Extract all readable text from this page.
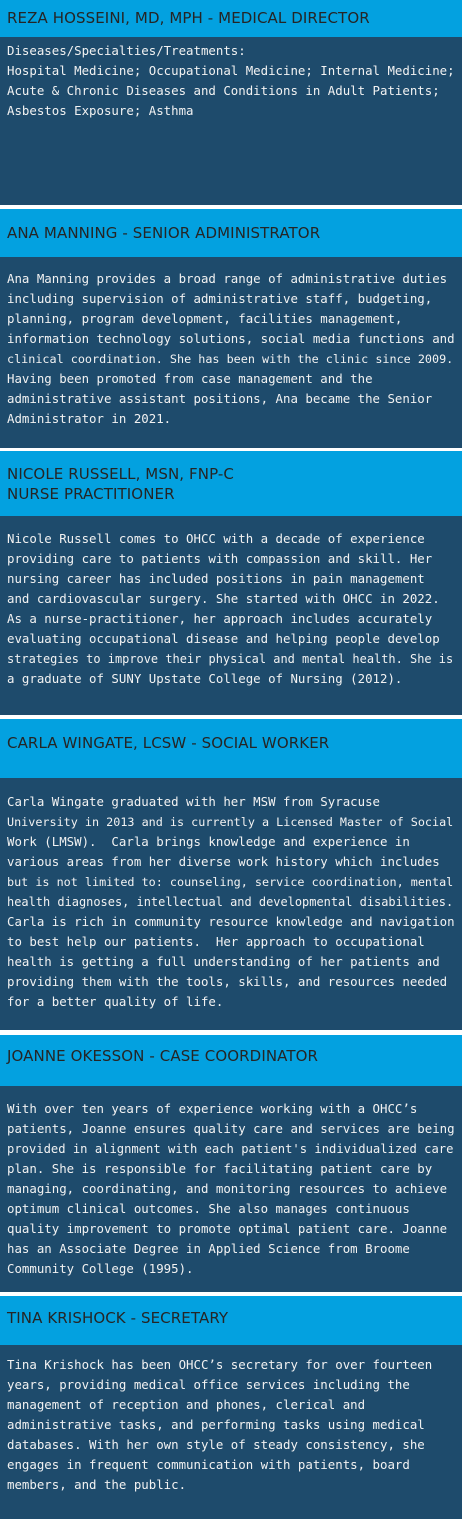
REZA HOSSEINI, MD, MPH - MEDICAL DIRECTOR
Diseases/Specialties/Treatments:
Hospital Medicine; Occupational Medicine; Internal Medicine;
Acute & Chronic Diseases and Conditions in Adult Patients;
Asbestos Exposure; Asthma
ANA MANNING - SENIOR ADMINISTRATOR
Ana Manning provides a broad range of administrative duties
including supervision of administrative staff, budgeting,
planning, program development, facilities management,
information technology solutions, social media functions and
clinical coordination. She has been with the clinic since 2009.
Having been promoted from case management and the
administrative assistant positions, Ana became the Senior
Administrator in 2021.
NICOLE RUSSELL, MSN, FNP-C
NURSE PRACTITIONER
Nicole Russell comes to OHCC with a decade of experience
providing care to patients with compassion and skill. Her
nursing career has included positions in pain management
and cardiovascular surgery. She started with OHCC in 2022.
As a nurse-practitioner, her approach includes accurately
evaluating occupational disease and helping people develop
strategies to improve their physical and mental health. She is
a graduate of SUNY Upstate College of Nursing (2012).
CARLA WINGATE, LCSW - SOCIAL WORKER
Carla Wingate graduated with her MSW from Syracuse
University in 2013 and is currently a Licensed Master of Social
Work (LMSW).  Carla brings knowledge and experience in
various areas from her diverse work history which includes
but is not limited to: counseling, service coordination, mental
health diagnoses, intellectual and developmental disabilities.
Carla is rich in community resource knowledge and navigation
to best help our patients.  Her approach to occupational
health is getting a full understanding of her patients and
providing them with the tools, skills, and resources needed
for a better quality of life.
JOANNE OKESSON - CASE COORDINATOR
With over ten years of experience working with a OHCC’s
patients, Joanne ensures quality care and services are being
provided in alignment with each patient's individualized care
plan. She is responsible for facilitating patient care by
managing, coordinating, and monitoring resources to achieve
optimum clinical outcomes. She also manages continuous
quality improvement to promote optimal patient care. Joanne
has an Associate Degree in Applied Science from Broome
Community College (1995).
TINA KRISHOCK - SECRETARY
Tina Krishock has been OHCC’s secretary for over fourteen
years, providing medical office services including the
management of reception and phones, clerical and
administrative tasks, and performing tasks using medical
databases. With her own style of steady consistency, she
engages in frequent communication with patients, board
members, and the public.
